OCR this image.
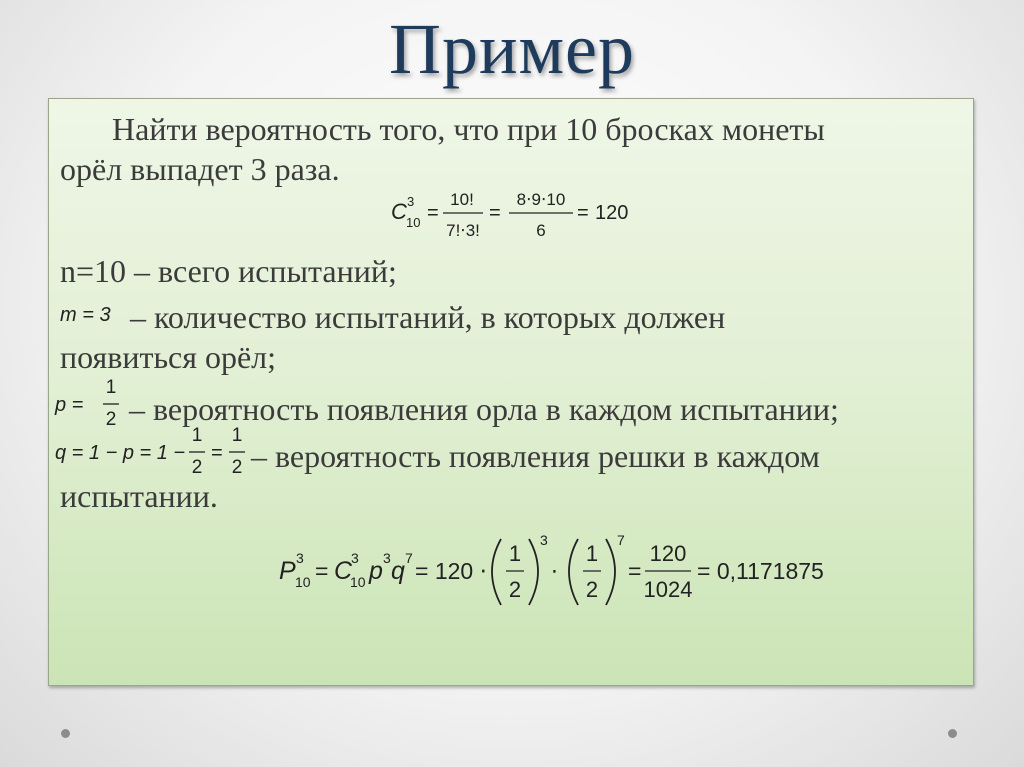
Пример
Найти вероятность того, что при 10 бросках монеты
орёл выпадет 3 раза.
C 3
10 =
10!
7!⋅3!
=
8⋅9⋅10
6
= 120
n=10 – всего испытаний;
m = 3 – количество испытаний, в которых должен
появиться орёл;
p =
1
2 – вероятность появления орла в каждом испытании;
q = 1 − p = 1 −
1
2
=
1
2 – вероятность появления решки в каждом
испытании.
P 3
10 = C
3
10 p 3 q 7 = 120 ⋅
1
2
3
⋅
1
2
7
=
120
1024
= 0,1171875
